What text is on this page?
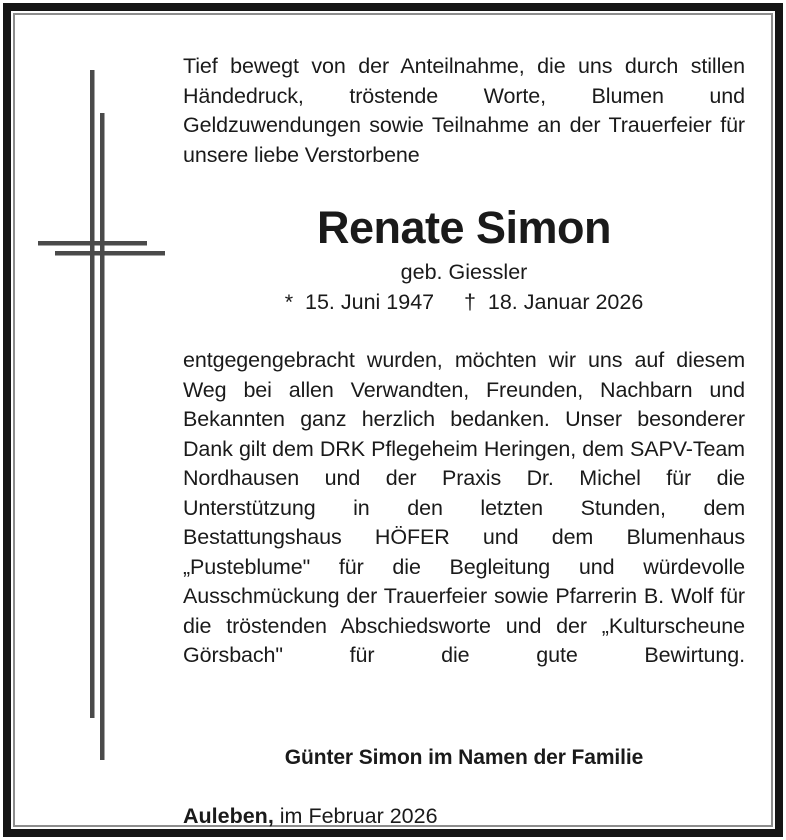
Tief bewegt von der Anteilnahme, die uns durch stillen Händedruck, tröstende Worte, Blumen und Geldzuwendungen sowie Teilnahme an der Trauerfeier für unsere liebe Verstorbene

Renate Simon

geb. Giessler

*  15. Juni 1947     †  18. Januar 2026

entgegengebracht wurden, möchten wir uns auf diesem Weg bei allen Verwandten, Freunden, Nachbarn und Bekannten ganz herzlich bedanken. Unser besonderer Dank gilt dem DRK Pflegeheim Heringen, dem SAPV-Team Nordhausen und der Praxis Dr. Michel für die Unterstützung in den letzten Stunden, dem Bestattungshaus HÖFER und dem Blumenhaus „Pusteblume" für die Begleitung und würdevolle Ausschmückung der Trauerfeier sowie Pfarrerin B. Wolf für die tröstenden Abschiedsworte und der „Kulturscheune Görsbach" für die gute Bewirtung.

Günter Simon im Namen der Familie

Auleben, im Februar 2026
